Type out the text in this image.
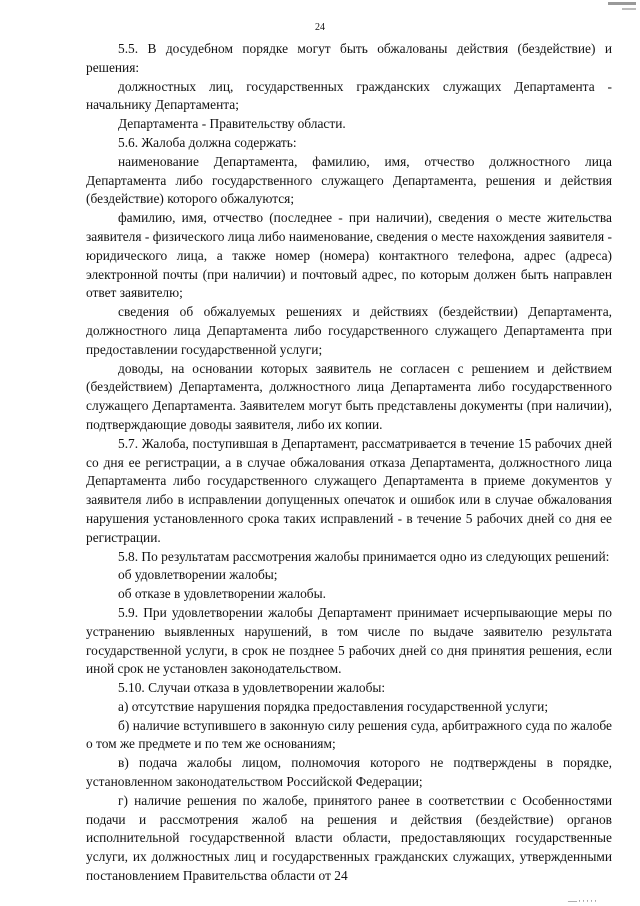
24

5.5. В досудебном порядке могут быть обжалованы действия (бездействие) и решения:

должностных лиц, государственных гражданских служащих Департамента - начальнику Департамента;

Департамента - Правительству области.

5.6. Жалоба должна содержать:

наименование Департамента, фамилию, имя, отчество должностного лица Департамента либо государственного служащего Департамента, решения и действия (бездействие) которого обжалуются;

фамилию, имя, отчество (последнее - при наличии), сведения о месте жительства заявителя - физического лица либо наименование, сведения о месте нахождения заявителя - юридического лица, а также номер (номера) контактного телефона, адрес (адреса) электронной почты (при наличии) и почтовый адрес, по которым должен быть направлен ответ заявителю;

сведения об обжалуемых решениях и действиях (бездействии) Департамента, должностного лица Департамента либо государственного служащего Департамента при предоставлении государственной услуги;

доводы, на основании которых заявитель не согласен с решением и действием (бездействием) Департамента, должностного лица Департамента либо государственного служащего Департамента. Заявителем могут быть представлены документы (при наличии), подтверждающие доводы заявителя, либо их копии.

5.7. Жалоба, поступившая в Департамент, рассматривается в течение 15 рабочих дней со дня ее регистрации, а в случае обжалования отказа Департамента, должностного лица Департамента либо государственного служащего Департамента в приеме документов у заявителя либо в исправлении допущенных опечаток и ошибок или в случае обжалования нарушения установленного срока таких исправлений - в течение 5 рабочих дней со дня ее регистрации.

5.8. По результатам рассмотрения жалобы принимается одно из следующих решений:

об удовлетворении жалобы;

об отказе в удовлетворении жалобы.

5.9. При удовлетворении жалобы Департамент принимает исчерпывающие меры по устранению выявленных нарушений, в том числе по выдаче заявителю результата государственной услуги, в срок не позднее 5 рабочих дней со дня принятия решения, если иной срок не установлен законодательством.

5.10. Случаи отказа в удовлетворении жалобы:

а) отсутствие нарушения порядка предоставления государственной услуги;

б) наличие вступившего в законную силу решения суда, арбитражного суда по жалобе о том же предмете и по тем же основаниям;

в) подача жалобы лицом, полномочия которого не подтверждены в порядке, установленном законодательством Российской Федерации;

г) наличие решения по жалобе, принятого ранее в соответствии с Особенностями подачи и рассмотрения жалоб на решения и действия (бездействие) органов исполнительной государственной власти области, предоставляющих государственные услуги, их должностных лиц и государственных гражданских служащих, утвержденными постановлением Правительства области от 24

—·····
